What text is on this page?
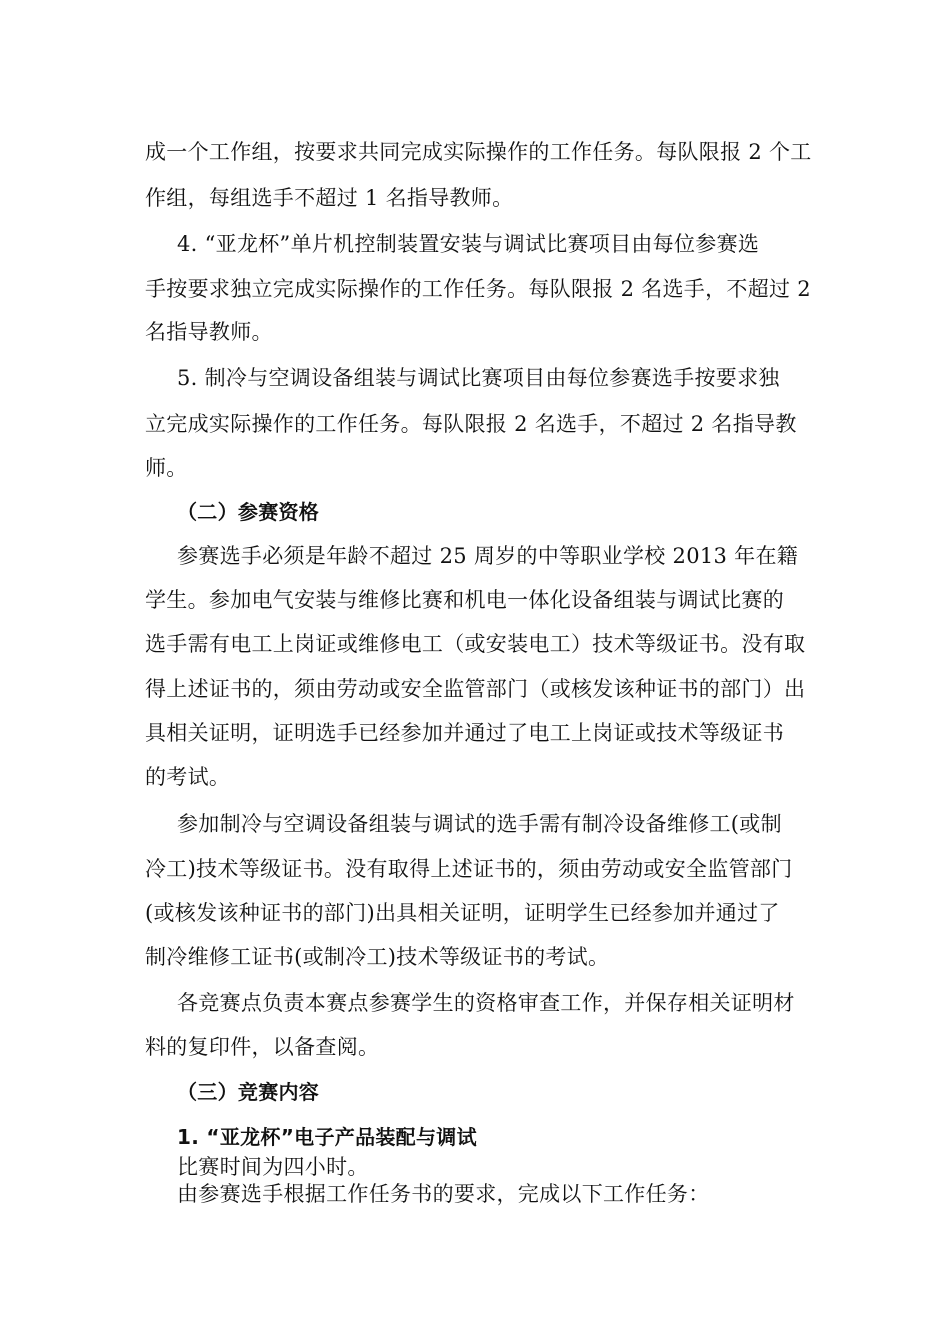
成一个工作组，按要求共同完成实际操作的工作任务。每队限报 2 个工
作组，每组选手不超过 1 名指导教师。
4. “亚龙杯”单片机控制装置安装与调试比赛项目由每位参赛选
手按要求独立完成实际操作的工作任务。每队限报 2 名选手，不超过 2
名指导教师。
5. 制冷与空调设备组装与调试比赛项目由每位参赛选手按要求独
立完成实际操作的工作任务。每队限报 2 名选手，不超过 2 名指导教
师。
（二）参赛资格
参赛选手必须是年龄不超过 25 周岁的中等职业学校 2013 年在籍
学生。参加电气安装与维修比赛和机电一体化设备组装与调试比赛的
选手需有电工上岗证或维修电工（或安装电工）技术等级证书。没有取
得上述证书的，须由劳动或安全监管部门（或核发该种证书的部门）出
具相关证明，证明选手已经参加并通过了电工上岗证或技术等级证书
的考试。
参加制冷与空调设备组装与调试的选手需有制冷设备维修工(或制
冷工)技术等级证书。没有取得上述证书的，须由劳动或安全监管部门
(或核发该种证书的部门)出具相关证明，证明学生已经参加并通过了
制冷维修工证书(或制冷工)技术等级证书的考试。
各竞赛点负责本赛点参赛学生的资格审查工作，并保存相关证明材
料的复印件，以备查阅。
（三）竞赛内容
1. “亚龙杯”电子产品装配与调试
比赛时间为四小时。
由参赛选手根据工作任务书的要求，完成以下工作任务：
